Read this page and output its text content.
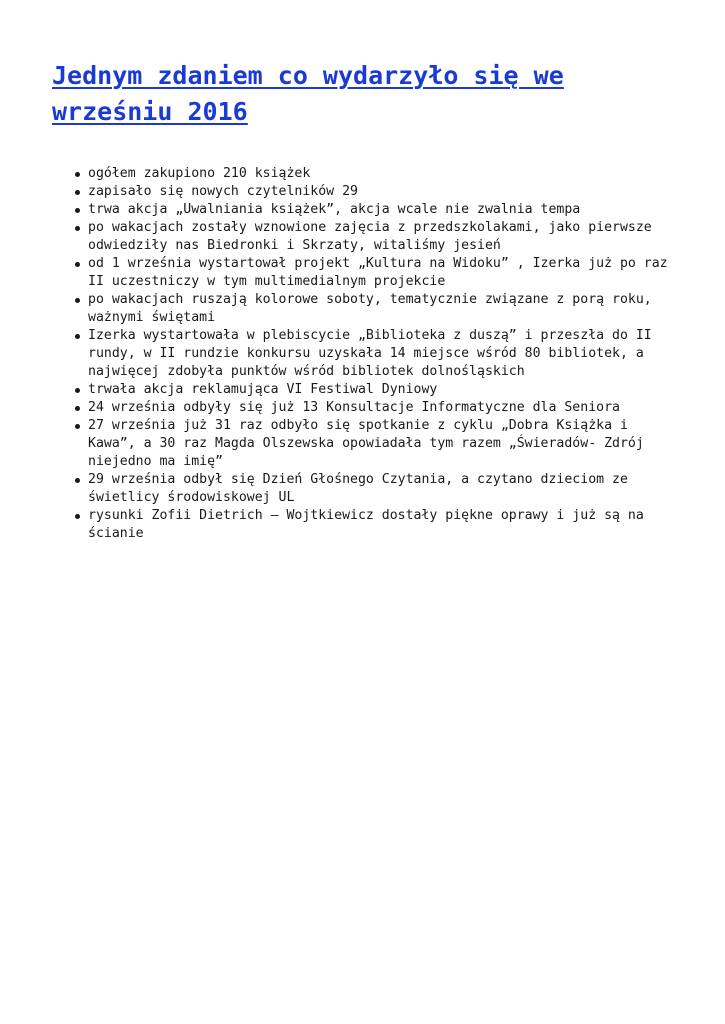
Jednym zdaniem co wydarzyło się we wrześniu 2016
ogółem zakupiono 210 książek
zapisało się nowych czytelników 29
trwa akcja „Uwalniania książek”, akcja wcale nie zwalnia tempa
po wakacjach zostały wznowione zajęcia z przedszkolakami, jako pierwsze odwiedziły nas Biedronki i Skrzaty, witaliśmy jesień
od 1 września wystartował projekt „Kultura na Widoku” , Izerka już po raz II uczestniczy w tym multimedialnym projekcie
po wakacjach ruszają kolorowe soboty, tematycznie związane z porą roku, ważnymi świętami
Izerka wystartowała w plebiscycie „Biblioteka z duszą” i przeszła do II rundy, w II rundzie konkursu uzyskała 14 miejsce wśród 80 bibliotek, a najwięcej zdobyła punktów wśród bibliotek dolnośląskich
trwała akcja reklamująca VI Festiwal Dyniowy
24 września odbyły się już 13 Konsultacje Informatyczne dla Seniora
27 września już 31 raz odbyło się spotkanie z cyklu „Dobra Książka i Kawa”, a 30 raz Magda Olszewska opowiadała tym razem „Świeradów- Zdrój niejedno ma imię”
29 września odbył się Dzień Głośnego Czytania, a czytano dzieciom ze świetlicy środowiskowej UL
rysunki Zofii Dietrich – Wojtkiewicz dostały piękne oprawy i już są na ścianie
